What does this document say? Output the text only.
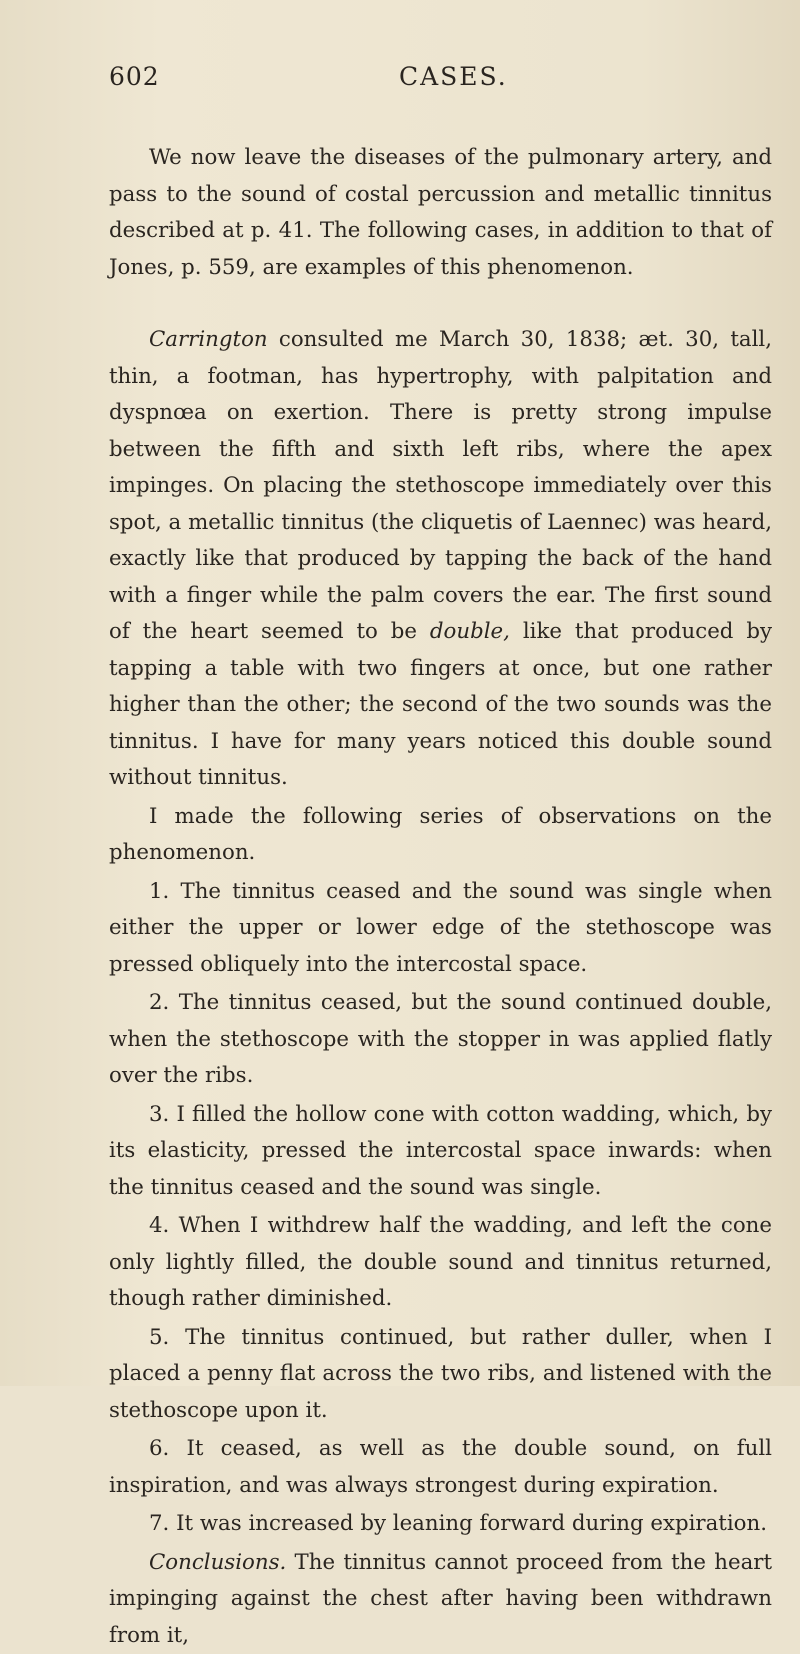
602	CASES.

We now leave the diseases of the pulmonary artery, and pass to the sound of costal percussion and metallic tinnitus described at p. 41. The following cases, in addition to that of Jones, p. 559, are examples of this phenomenon.

Carrington consulted me March 30, 1838; æt. 30, tall, thin, a footman, has hypertrophy, with palpitation and dyspnœa on exertion. There is pretty strong impulse between the fifth and sixth left ribs, where the apex impinges. On placing the stethoscope immediately over this spot, a metallic tinnitus (the cliquetis of Laennec) was heard, exactly like that produced by tapping the back of the hand with a finger while the palm covers the ear. The first sound of the heart seemed to be double, like that produced by tapping a table with two fingers at once, but one rather higher than the other; the second of the two sounds was the tinnitus. I have for many years noticed this double sound without tinnitus.

I made the following series of observations on the phenomenon.

1. The tinnitus ceased and the sound was single when either the upper or lower edge of the stethoscope was pressed obliquely into the intercostal space.

2. The tinnitus ceased, but the sound continued double, when the stethoscope with the stopper in was applied flatly over the ribs.

3. I filled the hollow cone with cotton wadding, which, by its elasticity, pressed the intercostal space inwards: when the tinnitus ceased and the sound was single.

4. When I withdrew half the wadding, and left the cone only lightly filled, the double sound and tinnitus returned, though rather diminished.

5. The tinnitus continued, but rather duller, when I placed a penny flat across the two ribs, and listened with the stethoscope upon it.

6. It ceased, as well as the double sound, on full inspiration, and was always strongest during expiration.

7. It was increased by leaning forward during expiration.

Conclusions. The tinnitus cannot proceed from the heart impinging against the chest after having been withdrawn from it,
